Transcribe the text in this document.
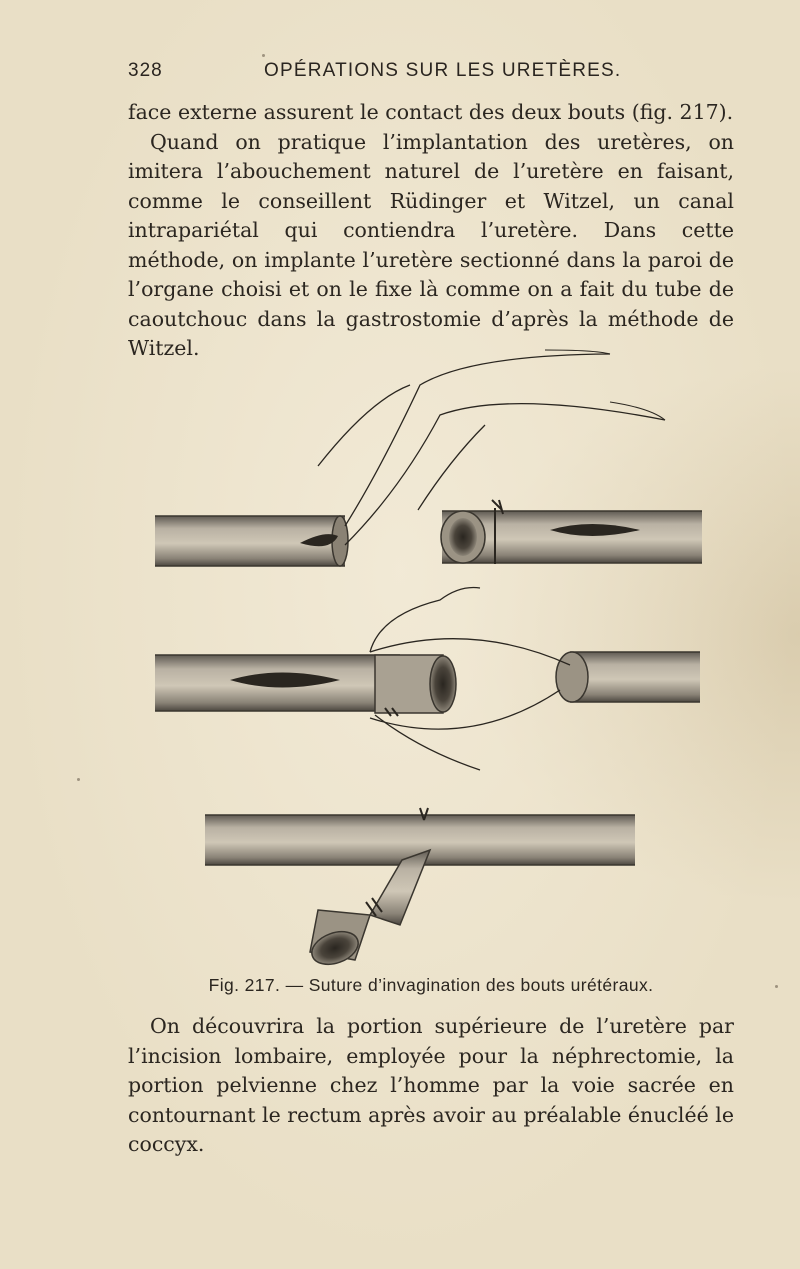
328	OPÉRATIONS SUR LES URETÈRES.

face externe assurent le contact des deux bouts (fig. 217).

Quand on pratique l’implantation des uretères, on imitera l’abouchement naturel de l’uretère en faisant, comme le conseillent Rüdinger et Witzel, un canal intrapariétal qui contiendra l’uretère. Dans cette méthode, on implante l’uretère sectionné dans la paroi de l’organe choisi et on le fixe là comme on a fait du tube de caoutchouc dans la gastrostomie d’après la méthode de Witzel.

Fig. 217. — Suture d’invagination des bouts urétéraux.

On découvrira la portion supérieure de l’uretère par l’incision lombaire, employée pour la néphrectomie, la portion pelvienne chez l’homme par la voie sacrée en contournant le rectum après avoir au préalable énucléé le coccyx.
